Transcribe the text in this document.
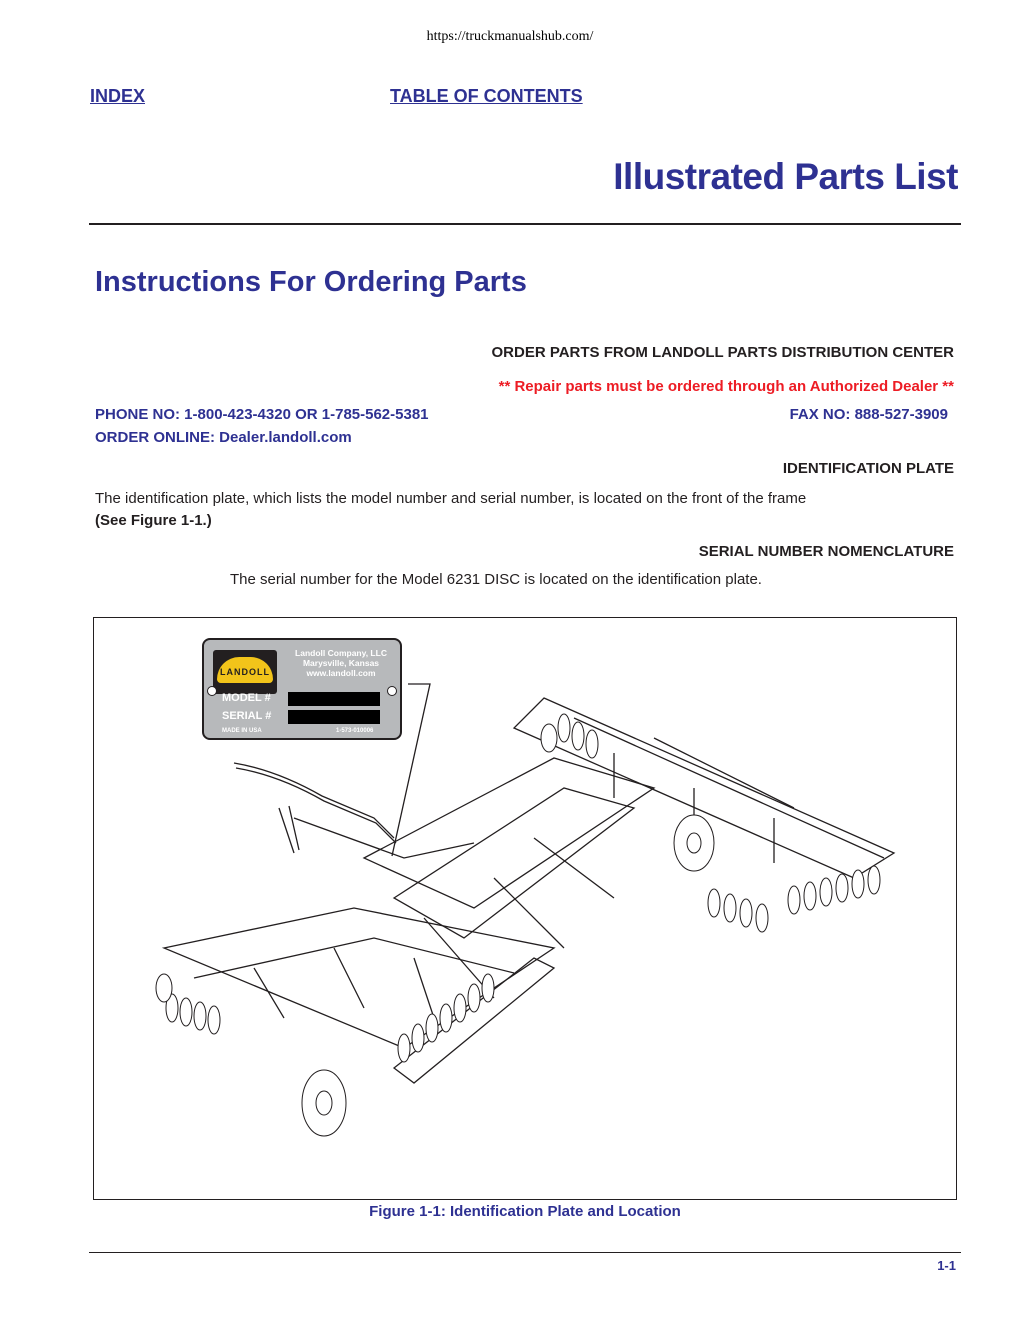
https://truckmanualshub.com/
INDEX	TABLE OF CONTENTS
Illustrated Parts List
Instructions For Ordering Parts
ORDER PARTS FROM LANDOLL PARTS DISTRIBUTION CENTER
** Repair parts must be ordered through an Authorized Dealer **
PHONE NO: 1-800-423-4320 OR 1-785-562-5381	FAX NO: 888-527-3909
ORDER ONLINE: Dealer.landoll.com
IDENTIFICATION PLATE
The identification plate, which lists the model number and serial number, is located on the front of the frame
(See Figure 1-1.)
SERIAL NUMBER NOMENCLATURE
The serial number for the Model 6231 DISC is located on the identification plate.
LANDOLL
Landoll Company, LLC
Marysville, Kansas
www.landoll.com
MODEL #
SERIAL #
MADE IN USA	1-573-010006
Figure 1-1: Identification Plate and Location
1-1
